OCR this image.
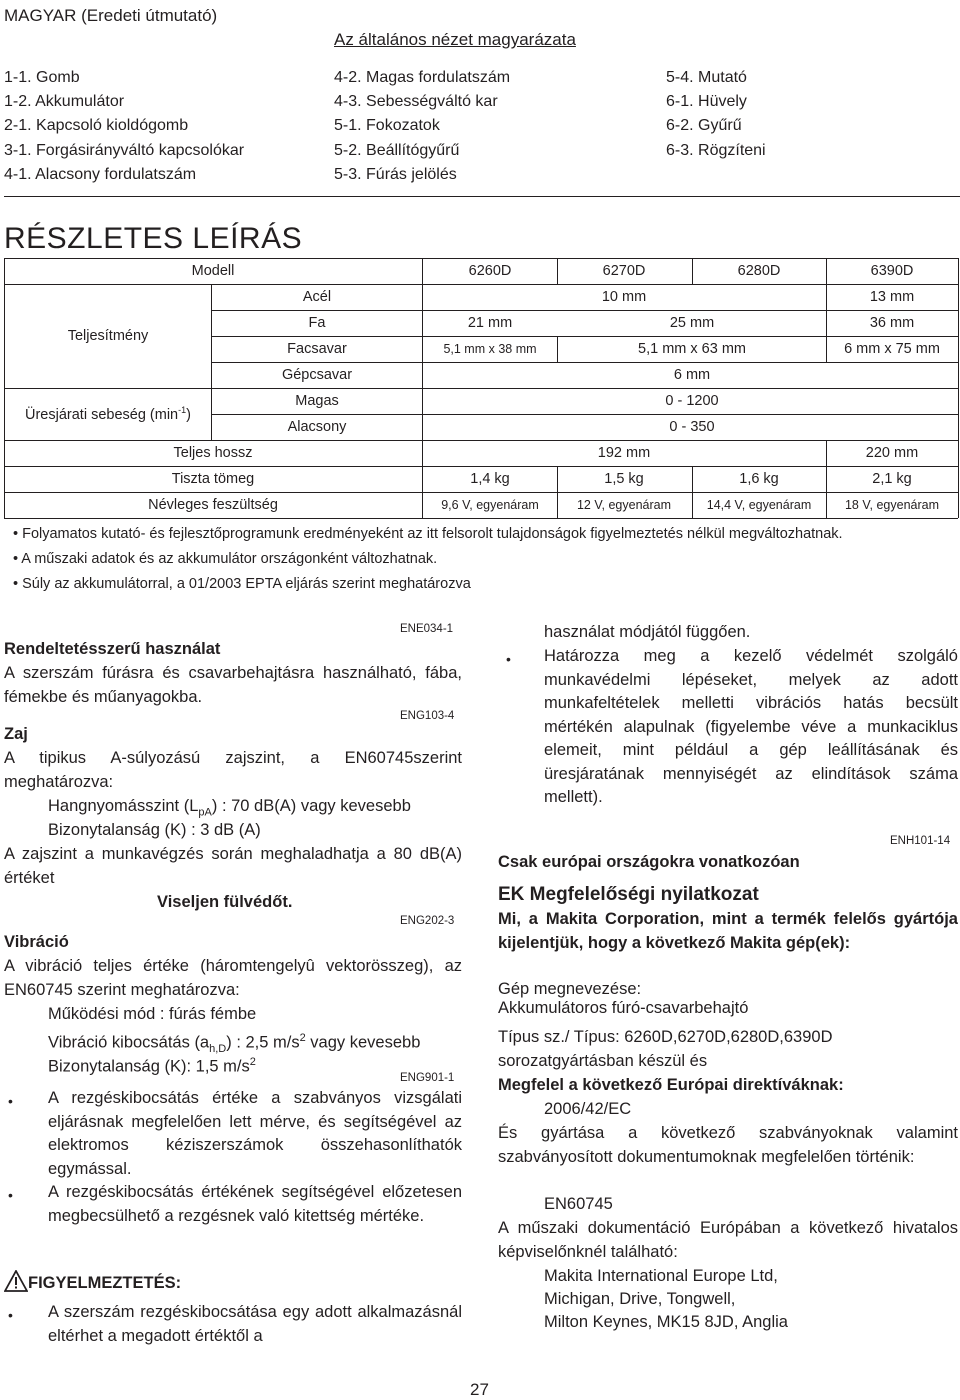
MAGYAR (Eredeti útmutató)
Az általános nézet magyarázata
1-1. Gomb
1-2. Akkumulátor
2-1. Kapcsoló kioldógomb
3-1. Forgásirányváltó kapcsolókar
4-1. Alacsony fordulatszám
4-2. Magas fordulatszám
4-3. Sebességváltó kar
5-1. Fokozatok
5-2. Beállítógyűrű
5-3. Fúrás jelölés
5-4. Mutató
6-1. Hüvely
6-2. Gyűrű
6-3. Rögzíteni
RÉSZLETES LEÍRÁS
Modell	6260D	6270D	6280D	6390D
Teljesítmény
Acél	10 mm	13 mm
Fa	21 mm	25 mm	36 mm
Facsavar	5,1 mm x 38 mm	5,1 mm x 63 mm	6 mm x 75 mm
Gépcsavar	6 mm
Üresjárati sebeség $(\min^{-1})$
Magas	0 - 1200
Alacsony	0 - 350
Teljes hossz	192 mm	220 mm
Tiszta tömeg	1,4 kg	1,5 kg	1,6 kg	2,1 kg
Névleges feszültség	9,6 V, egyenáram	12 V, egyenáram	14,4 V, egyenáram	18 V, egyenáram
• Folyamatos kutató- és fejlesztőprogramunk eredményeként az itt felsorolt tulajdonságok figyelmeztetés nélkül megváltozhatnak.
• A műszaki adatok és az akkumulátor országonként változhatnak.
• Súly az akkumulátorral, a 01/2003 EPTA eljárás szerint meghatározva
ENE034-1
Rendeltetésszerű használat
A szerszám fúrásra és csavarbehajtásra használható, fába, fémekbe és műanyagokba.
ENG103-4
Zaj
A tipikus A-súlyozású zajszint, a EN60745szerint meghatározva:
Hangnyomásszint $(L_{pA})$ : 70 dB(A) vagy kevesebb
Bizonytalanság (K) : 3 dB (A)
A zajszint a munkavégzés során meghaladhatja a 80 dB(A) értéket
Viseljen fülvédőt.
ENG202-3
Vibráció
A vibráció teljes értéke (háromtengelyû vektorösszeg), az EN60745 szerint meghatározva:
Működési mód : fúrás fémbe
Vibráció kibocsátás $(a_{h,D})$ : 2,5 $m/s^2$ vagy kevesebb
Bizonytalanság (K): 1,5 $m/s^2$
ENG901-1
• A rezgéskibocsátás értéke a szabványos vizsgálati eljárásnak megfelelően lett mérve, és segítségével az elektromos kéziszerszámok összehasonlíthatók egymással.
• A rezgéskibocsátás értékének segítségével előzetesen megbecsülhető a rezgésnek való kitettség mértéke.
FIGYELMEZTETÉS:
• A szerszám rezgéskibocsátása egy adott alkalmazásnál eltérhet a megadott értéktől a
használat módjától függően.
• Határozza meg a kezelő védelmét szolgáló munkavédelmi lépéseket, melyek az adott munkafeltételek melletti vibrációs hatás becsült mértékén alapulnak (figyelembe véve a munkaciklus elemeit, mint például a gép leállításának és üresjáratának mennyiségét az elindítások száma mellett).
ENH101-14
Csak európai országokra vonatkozóan
EK Megfelelőségi nyilatkozat
Mi, a Makita Corporation, mint a termék felelős gyártója kijelentjük, hogy a következő Makita gép(ek):
Gép megnevezése:
Akkumulátoros fúró-csavarbehajtó
Típus sz./ Típus: 6260D,6270D,6280D,6390D
sorozatgyártásban készül és
Megfelel a következő Európai direktíváknak:
2006/42/EC
És gyártása a következő szabványoknak valamint szabványosított dokumentumoknak megfelelően történik:
EN60745
A műszaki dokumentáció Európában a következő hivatalos képviselőnknél található:
Makita International Europe Ltd,
Michigan, Drive, Tongwell,
Milton Keynes, MK15 8JD, Anglia
27
